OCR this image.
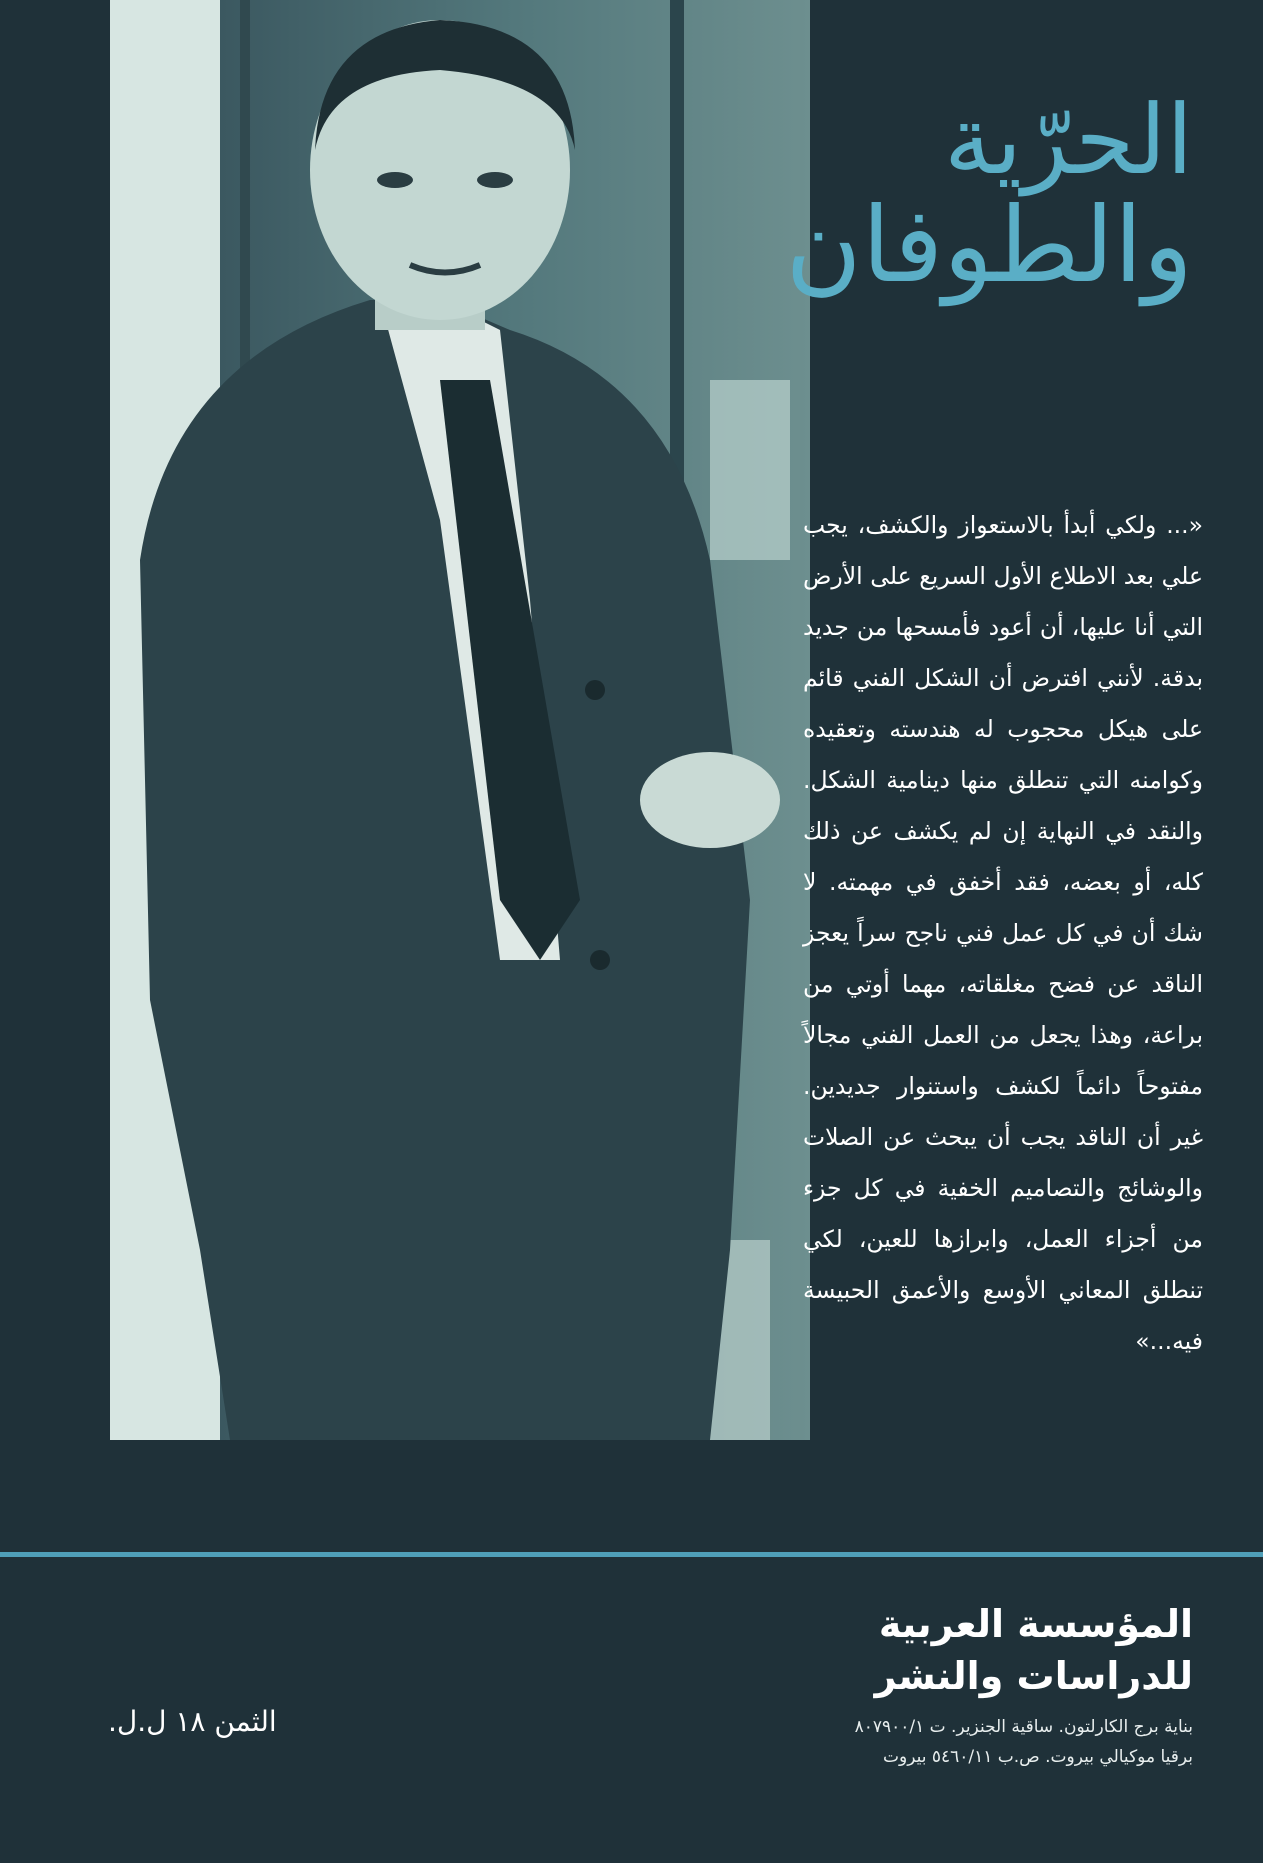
الحرّية
والطوفان
«... ولكي أبدأ بالاستعواز والكشف، يجب علي بعد الاطلاع الأول السريع على الأرض التي أنا عليها، أن أعود فأمسحها من جديد بدقة. لأنني افترض أن الشكل الفني قائم على هيكل محجوب له هندسته وتعقيده وكوامنه التي تنطلق منها دينامية الشكل. والنقد في النهاية إن لم يكشف عن ذلك كله، أو بعضه، فقد أخفق في مهمته. لا شك أن في كل عمل فني ناجح سراً يعجز الناقد عن فضح مغلقاته، مهما أوتي من براعة، وهذا يجعل من العمل الفني مجالاً مفتوحاً دائماً لكشف واستنوار جديدين. غير أن الناقد يجب أن يبحث عن الصلات والوشائج والتصاميم الخفية في كل جزء من أجزاء العمل، وابرازها للعين، لكي تنطلق المعاني الأوسع والأعمق الحبيسة فيه...»
المؤسسة العربية
للدراسات والنشر
بناية برج الكارلتون. ساقية الجنزير. ت ٨٠٧٩٠٠/١
برقيا موكيالي بيروت. ص.ب ٥٤٦٠/١١ بيروت
الثمن ١٨ ل.ل.
